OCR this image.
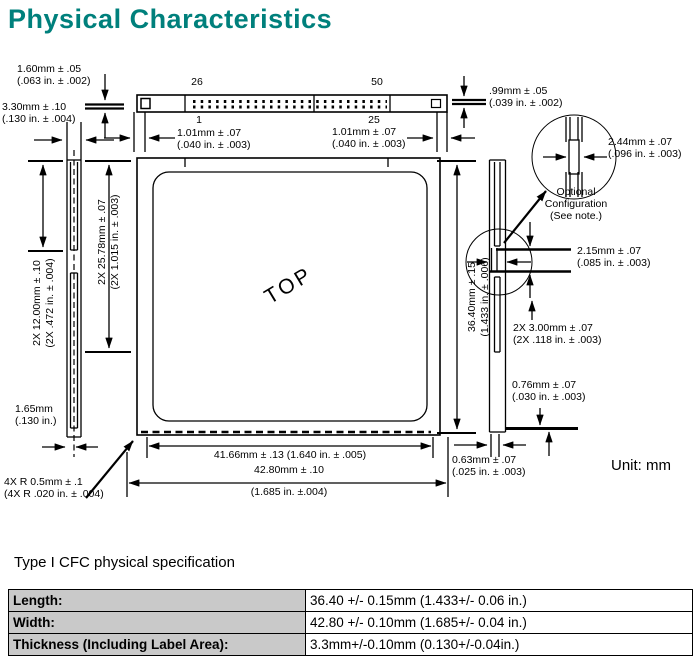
Physical Characteristics
1.60mm ± .05
(.063 in. ± .002)
3.30mm ± .10
(.130 in. ± .004)
26	50
1	25
1.01mm ± .07
(.040 in. ± .003)
1.01mm ± .07
(.040 in. ± .003)
.99mm ± .05
(.039 in. ± .002)
2.44mm ± .07
(.096 in. ± .003)
Optional
Configuration
(See note.)
2.15mm ± .07
(.085 in. ± .003)
2X 3.00mm ± .07
(2X .118 in. ± .003)
0.76mm ± .07
(.030 in. ± .003)
0.63mm ± .07
(.025 in. ± .003)
1.65mm
(.130 in.)
4X R 0.5mm ± .1
(4X R .020 in. ± .004)
2X 12.00mm ± .10 (2X .472 in. ± .004)
2X 25.78mm ± .07 (2X 1.015 in. ± .003)
36.40mm ± .15 (1.433 in. ± .006)
41.66mm ± .13 (1.640 in. ± .005)
42.80mm ± .10
(1.685 in. ±.004)
TOP
Unit: mm
Type I CFC physical specification
Length:	36.40 +/- 0.15mm (1.433+/- 0.06 in.)
Width:	42.80 +/- 0.10mm (1.685+/- 0.04 in.)
Thickness (Including Label Area):	3.3mm+/-0.10mm (0.130+/-0.04in.)
